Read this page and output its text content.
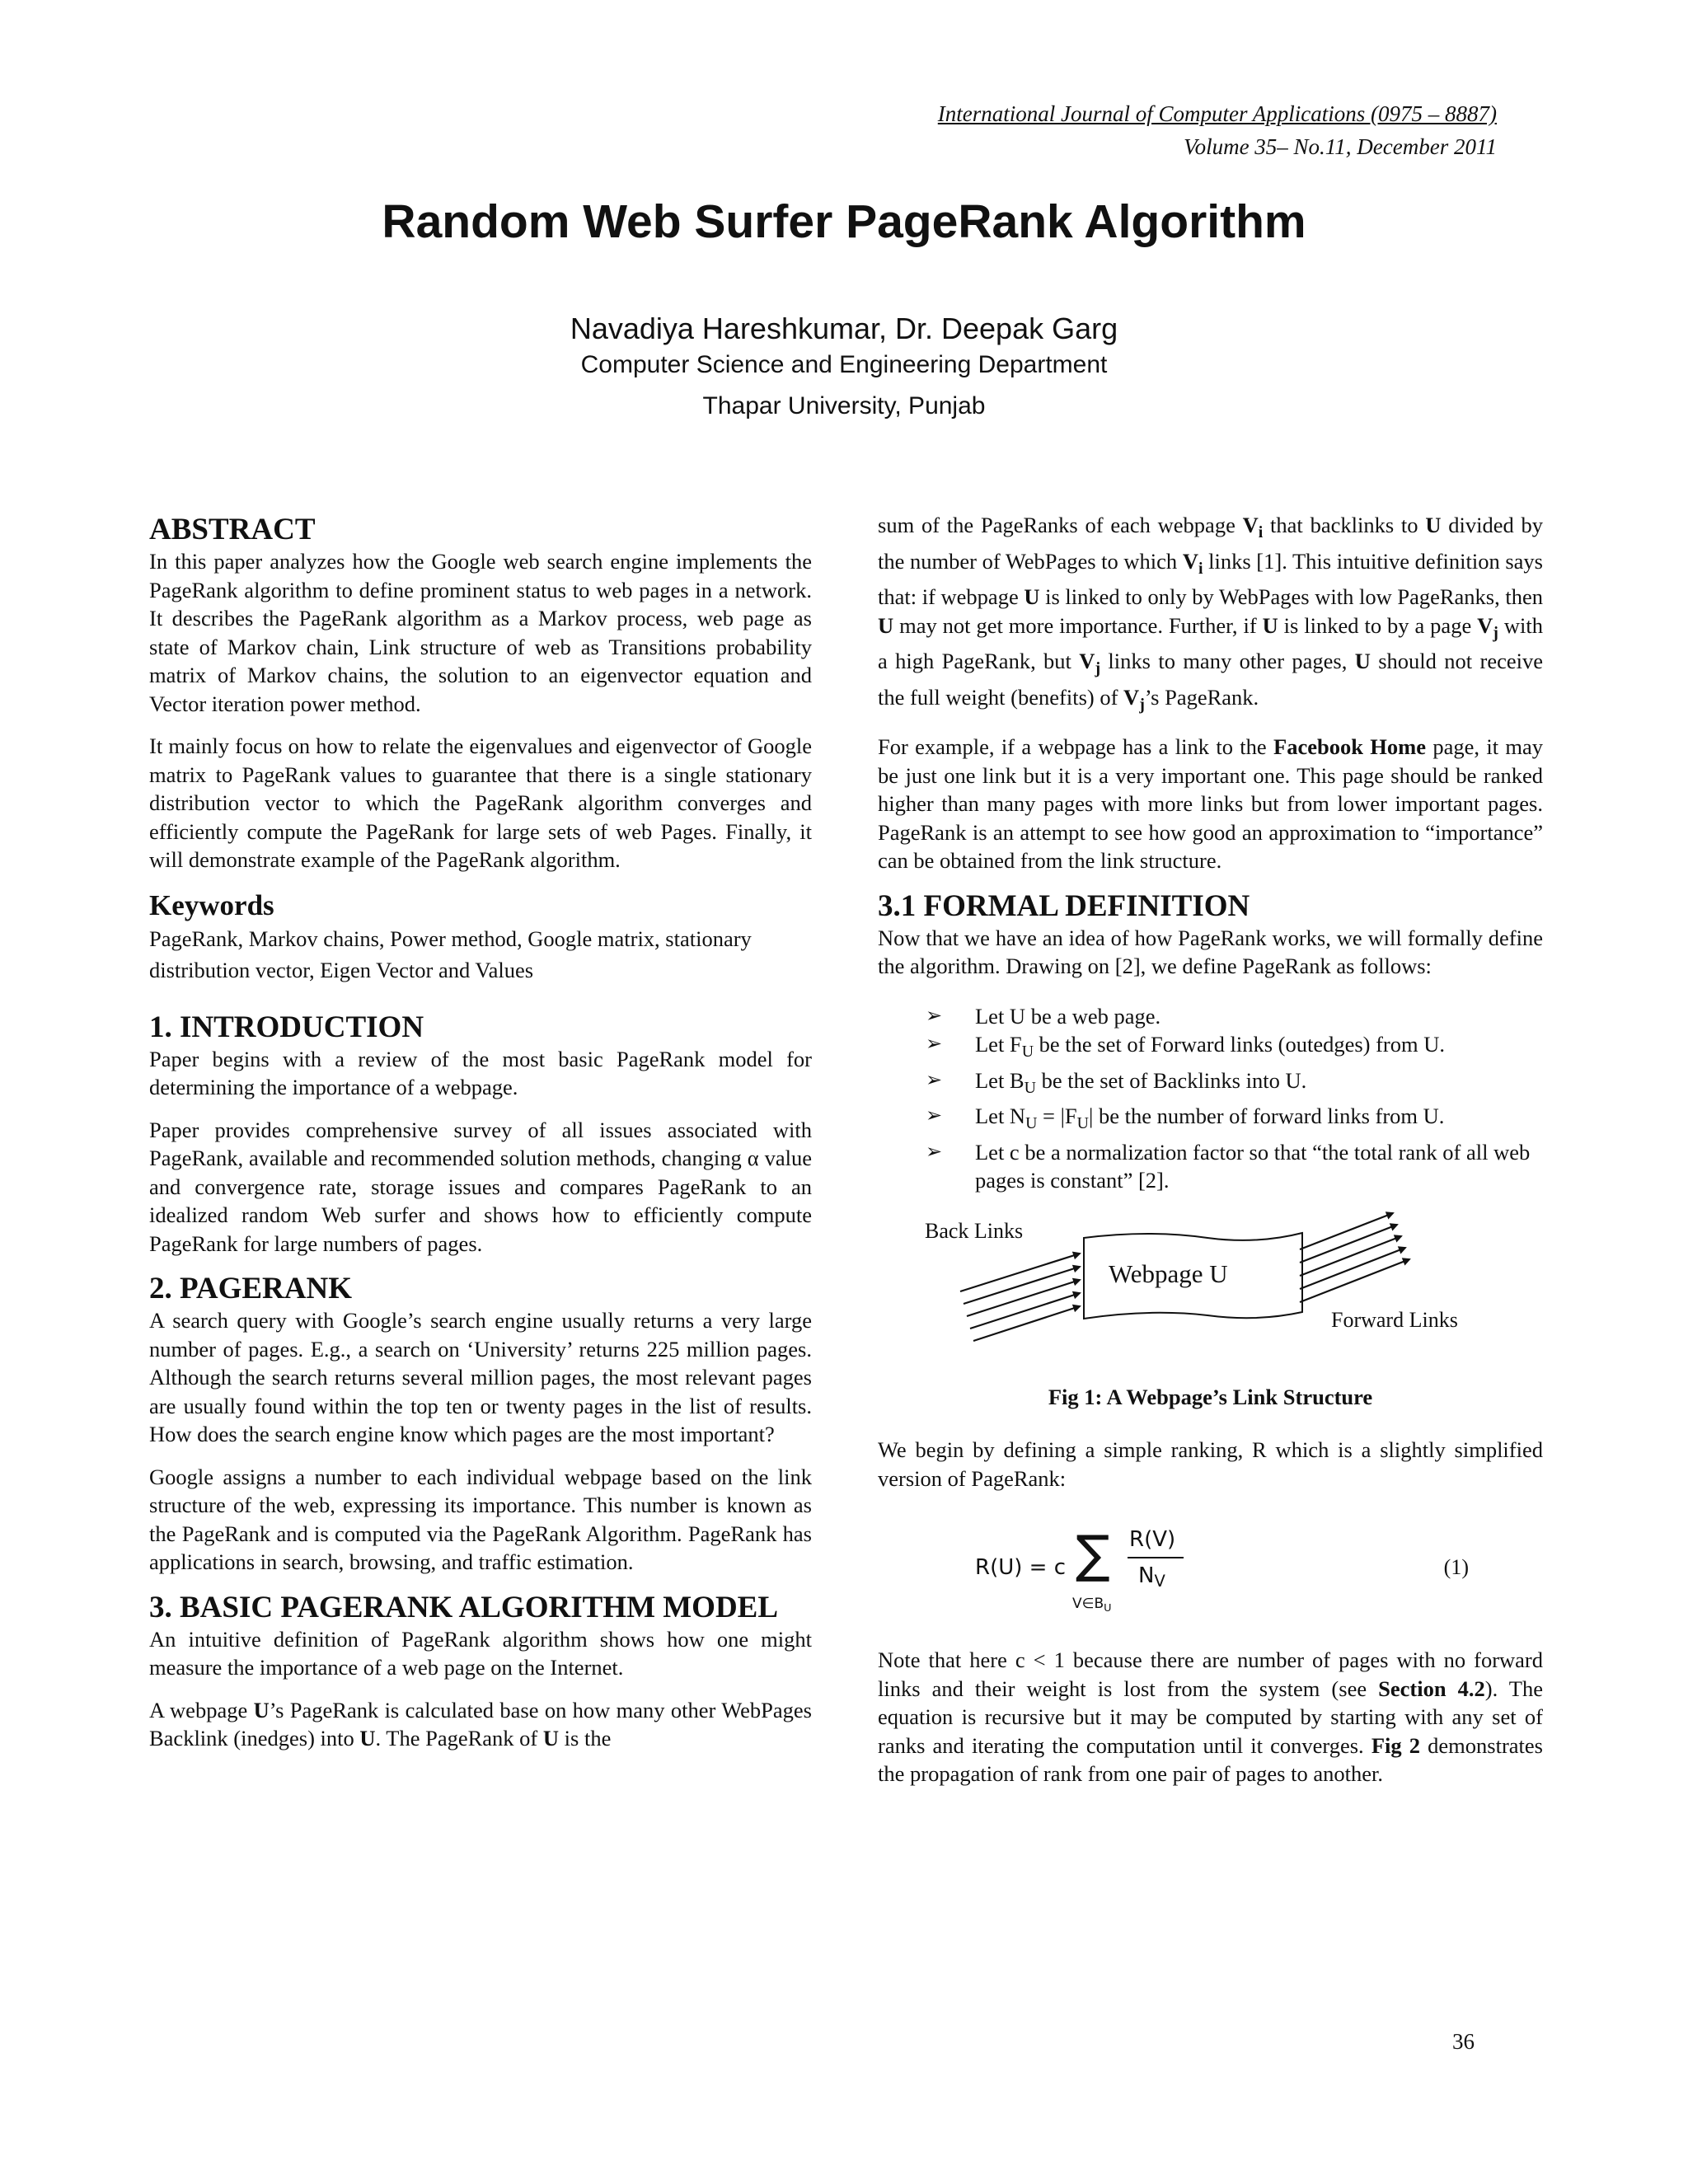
International Journal of Computer Applications (0975 – 8887)
Volume 35– No.11, December 2011
Random Web Surfer PageRank Algorithm
Navadiya Hareshkumar, Dr. Deepak Garg
Computer Science and Engineering Department
Thapar University, Punjab
ABSTRACT

In this paper analyzes how the Google web search engine implements the PageRank algorithm to define prominent status to web pages in a network. It describes the PageRank algorithm as a Markov process, web page as state of Markov chain, Link structure of web as Transitions probability matrix of Markov chains, the solution to an eigenvector equation and Vector iteration power method.

It mainly focus on how to relate the eigenvalues and eigenvector of Google matrix to PageRank values to guarantee that there is a single stationary distribution vector to which the PageRank algorithm converges and efficiently compute the PageRank for large sets of web Pages. Finally, it will demonstrate example of the PageRank algorithm.

Keywords

PageRank, Markov chains, Power method, Google matrix, stationary distribution vector, Eigen Vector and Values

1. INTRODUCTION

Paper begins with a review of the most basic PageRank model for determining the importance of a webpage.

Paper provides comprehensive survey of all issues associated with PageRank, available and recommended solution methods, changing α value and convergence rate, storage issues and compares PageRank to an idealized random Web surfer and shows how to efficiently compute PageRank for large numbers of pages.

2. PAGERANK

A search query with Google’s search engine usually returns a very large number of pages. E.g., a search on ‘University’ returns 225 million pages. Although the search returns several million pages, the most relevant pages are usually found within the top ten or twenty pages in the list of results. How does the search engine know which pages are the most important?

Google assigns a number to each individual webpage based on the link structure of the web, expressing its importance. This number is known as the PageRank and is computed via the PageRank Algorithm. PageRank has applications in search, browsing, and traffic estimation.

3. BASIC PAGERANK ALGORITHM MODEL

An intuitive definition of PageRank algorithm shows how one might measure the importance of a web page on the Internet.

A webpage U’s PageRank is calculated base on how many other WebPages Backlink (inedges) into U. The PageRank of U is the

sum of the PageRanks of each webpage $V_i$ that backlinks to U divided by the number of WebPages to which $V_i$ links [1]. This intuitive definition says that: if webpage U is linked to only by WebPages with low PageRanks, then U may not get more importance. Further, if U is linked to by a page $V_j$ with a high PageRank, but $V_j$ links to many other pages, U should not receive the full weight (benefits) of $V_j’s$ PageRank.

For example, if a webpage has a link to the Facebook Home page, it may be just one link but it is a very important one. This page should be ranked higher than many pages with more links but from lower important pages. PageRank is an attempt to see how good an approximation to “importance” can be obtained from the link structure.

3.1 FORMAL DEFINITION

Now that we have an idea of how PageRank works, we will formally define the algorithm. Drawing on [2], we define PageRank as follows:

➢ Let U be a web page.
➢ Let $F_U$ be the set of Forward links (outedges) from U.
➢ Let $B_U$ be the set of Backlinks into U.
➢ Let $N_U = |F_U|$ be the number of forward links from U.
➢ Let c be a normalization factor so that “the total rank of all web pages is constant” [2].
Back Links
Webpage U
Forward Links
Fig 1: A Webpage’s Link Structure

We begin by defining a simple ranking, R which is a slightly simplified version of PageRank:

R(U) = c ∑
$V\in B_U$
R(V)
NV
(1)

Note that here c < 1 because there are number of pages with no forward links and their weight is lost from the system (see Section 4.2). The equation is recursive but it may be computed by starting with any set of ranks and iterating the computation until it converges. Fig 2 demonstrates the propagation of rank from one pair of pages to another.

36
